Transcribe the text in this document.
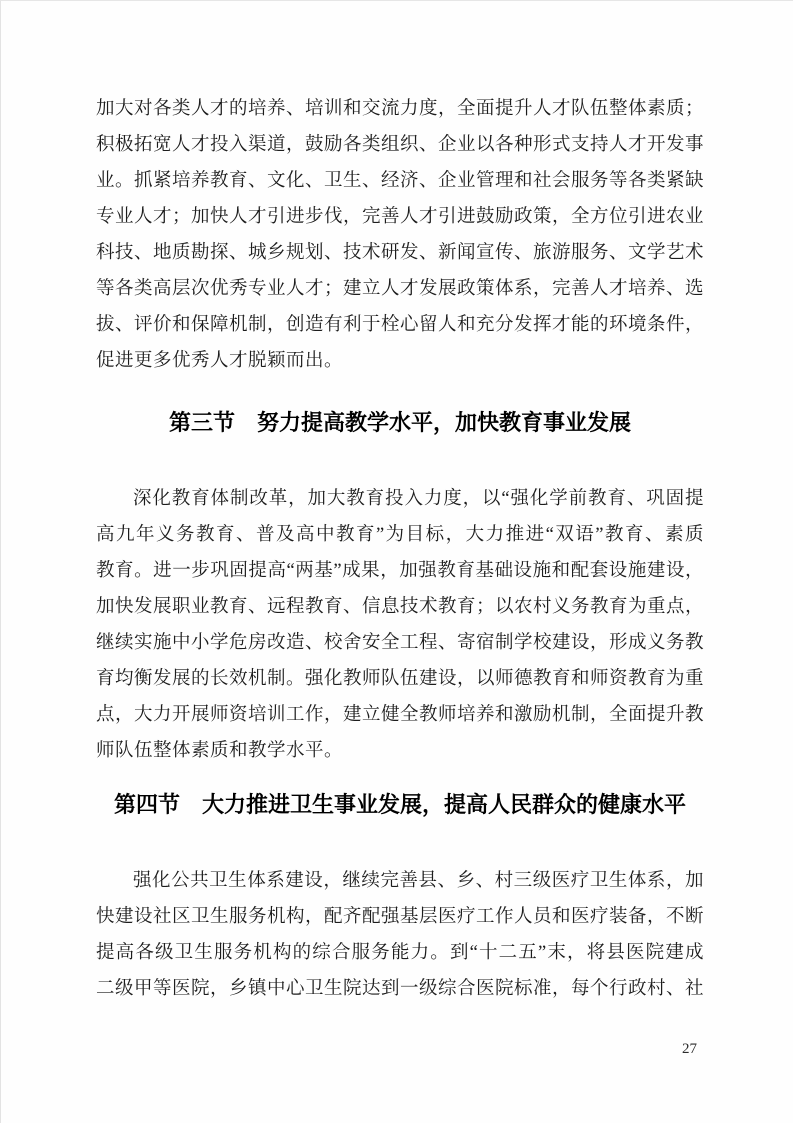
加大对各类人才的培养、培训和交流力度，全面提升人才队伍整体素质；
积极拓宽人才投入渠道，鼓励各类组织、企业以各种形式支持人才开发事
业。抓紧培养教育、文化、卫生、经济、企业管理和社会服务等各类紧缺
专业人才；加快人才引进步伐，完善人才引进鼓励政策，全方位引进农业
科技、地质勘探、城乡规划、技术研发、新闻宣传、旅游服务、文学艺术
等各类高层次优秀专业人才；建立人才发展政策体系，完善人才培养、选
拔、评价和保障机制，创造有利于栓心留人和充分发挥才能的环境条件，
促进更多优秀人才脱颖而出。
第三节　努力提高教学水平，加快教育事业发展
深化教育体制改革，加大教育投入力度，以“强化学前教育、巩固提
高九年义务教育、普及高中教育”为目标，大力推进“双语”教育、素质
教育。进一步巩固提高“两基”成果，加强教育基础设施和配套设施建设，
加快发展职业教育、远程教育、信息技术教育；以农村义务教育为重点，
继续实施中小学危房改造、校舍安全工程、寄宿制学校建设，形成义务教
育均衡发展的长效机制。强化教师队伍建设，以师德教育和师资教育为重
点，大力开展师资培训工作，建立健全教师培养和激励机制，全面提升教
师队伍整体素质和教学水平。
第四节　大力推进卫生事业发展，提高人民群众的健康水平
强化公共卫生体系建设，继续完善县、乡、村三级医疗卫生体系，加
快建设社区卫生服务机构，配齐配强基层医疗工作人员和医疗装备，不断
提高各级卫生服务机构的综合服务能力。到“十二五”末，将县医院建成
二级甲等医院，乡镇中心卫生院达到一级综合医院标准，每个行政村、社
27
